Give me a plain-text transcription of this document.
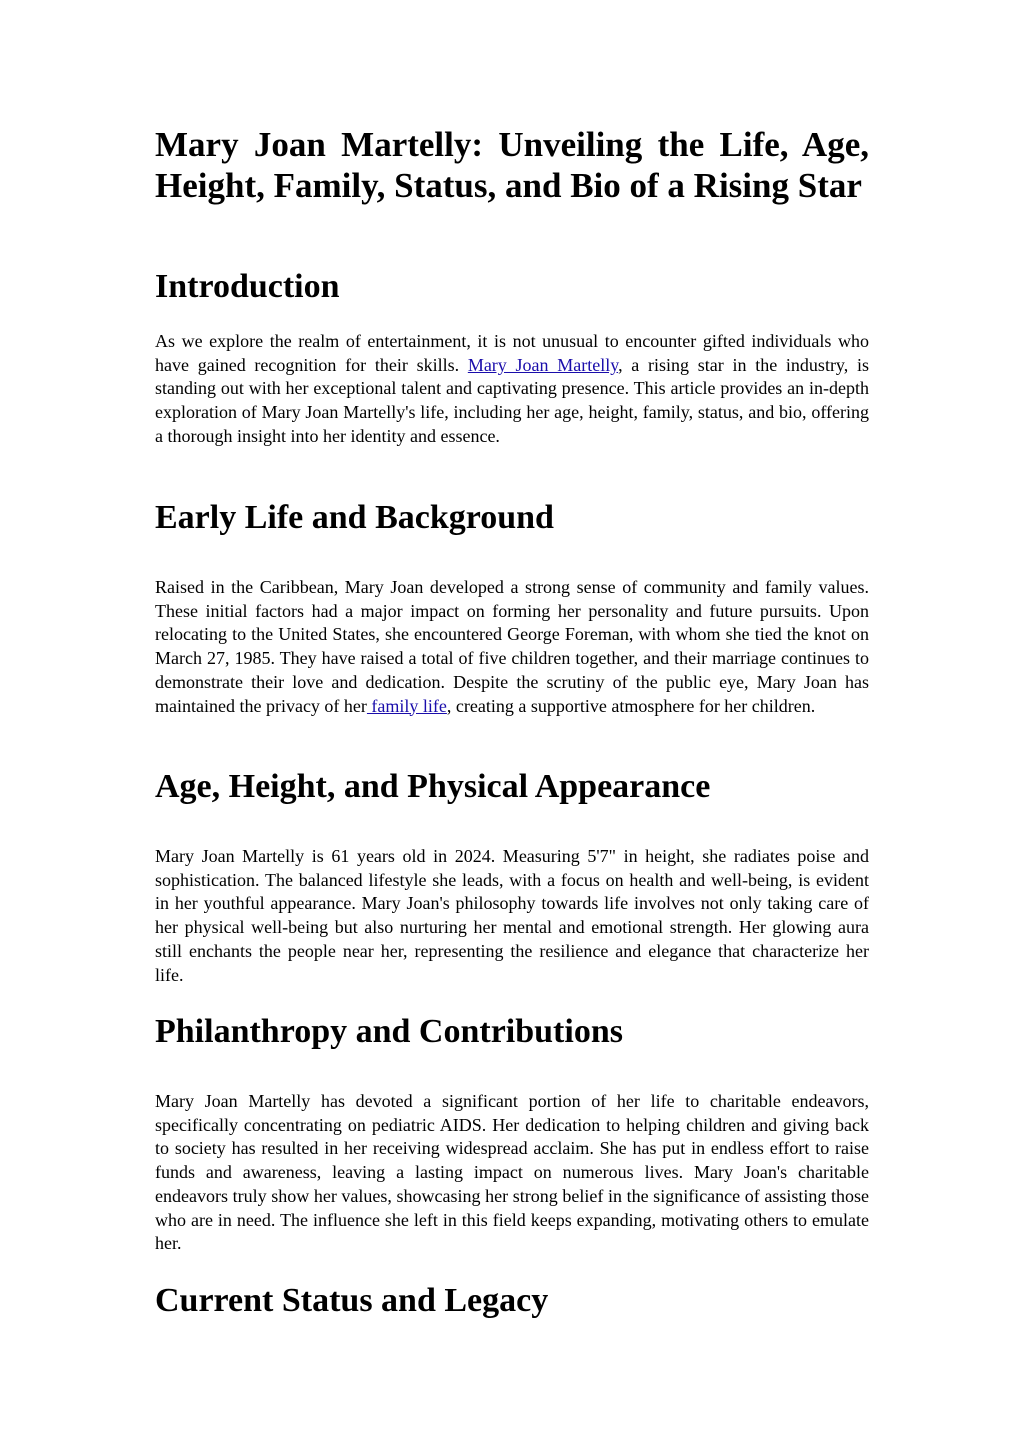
Mary Joan Martelly: Unveiling the Life, Age, Height, Family, Status, and Bio of a Rising Star
Introduction

As we explore the realm of entertainment, it is not unusual to encounter gifted individuals who have gained recognition for their skills. Mary Joan Martelly, a rising star in the industry, is standing out with her exceptional talent and captivating presence. This article provides an in-depth exploration of Mary Joan Martelly's life, including her age, height, family, status, and bio, offering a thorough insight into her identity and essence.

Early Life and Background

Raised in the Caribbean, Mary Joan developed a strong sense of community and family values. These initial factors had a major impact on forming her personality and future pursuits. Upon relocating to the United States, she encountered George Foreman, with whom she tied the knot on March 27, 1985. They have raised a total of five children together, and their marriage continues to demonstrate their love and dedication. Despite the scrutiny of the public eye, Mary Joan has maintained the privacy of her family life, creating a supportive atmosphere for her children.

Age, Height, and Physical Appearance

Mary Joan Martelly is 61 years old in 2024. Measuring 5'7" in height, she radiates poise and sophistication. The balanced lifestyle she leads, with a focus on health and well-being, is evident in her youthful appearance. Mary Joan's philosophy towards life involves not only taking care of her physical well-being but also nurturing her mental and emotional strength. Her glowing aura still enchants the people near her, representing the resilience and elegance that characterize her life.

Philanthropy and Contributions

Mary Joan Martelly has devoted a significant portion of her life to charitable endeavors, specifically concentrating on pediatric AIDS. Her dedication to helping children and giving back to society has resulted in her receiving widespread acclaim. She has put in endless effort to raise funds and awareness, leaving a lasting impact on numerous lives. Mary Joan's charitable endeavors truly show her values, showcasing her strong belief in the significance of assisting those who are in need. The influence she left in this field keeps expanding, motivating others to emulate her.

Current Status and Legacy
